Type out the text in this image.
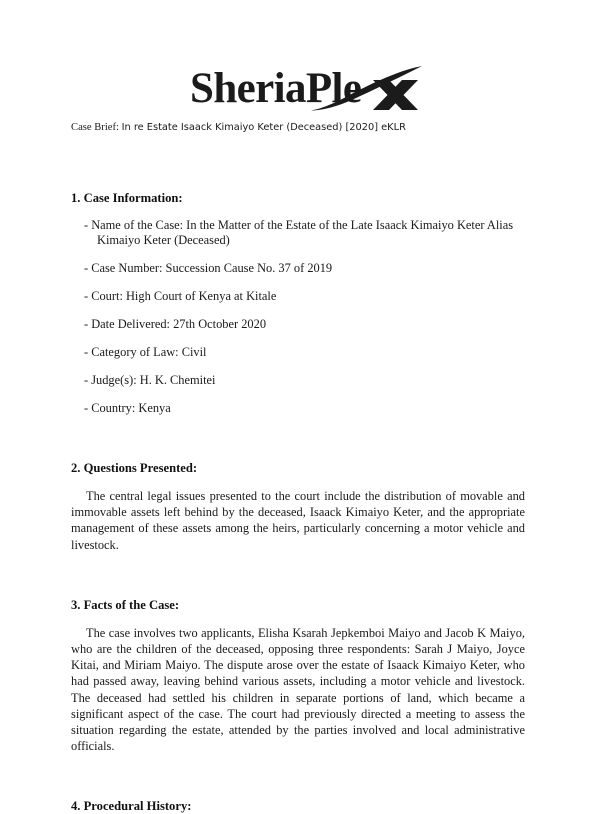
SheriaPle
Case Brief: In re Estate Isaack Kimaiyo Keter (Deceased) [2020] eKLR
1. Case Information:
- Name of the Case: In the Matter of the Estate of the Late Isaack Kimaiyo Keter Alias Kimaiyo Keter (Deceased)
- Case Number: Succession Cause No. 37 of 2019
- Court: High Court of Kenya at Kitale
- Date Delivered: 27th October 2020
- Category of Law: Civil
- Judge(s): H. K. Chemitei
- Country: Kenya
2. Questions Presented:

The central legal issues presented to the court include the distribution of movable and immovable assets left behind by the deceased, Isaack Kimaiyo Keter, and the appropriate management of these assets among the heirs, particularly concerning a motor vehicle and livestock.

3. Facts of the Case:

The case involves two applicants, Elisha Ksarah Jepkemboi Maiyo and Jacob K Maiyo, who are the children of the deceased, opposing three respondents: Sarah J Maiyo, Joyce Kitai, and Miriam Maiyo. The dispute arose over the estate of Isaack Kimaiyo Keter, who had passed away, leaving behind various assets, including a motor vehicle and livestock. The deceased had settled his children in separate portions of land, which became a significant aspect of the case. The court had previously directed a meeting to assess the situation regarding the estate, attended by the parties involved and local administrative officials.

4. Procedural History:
